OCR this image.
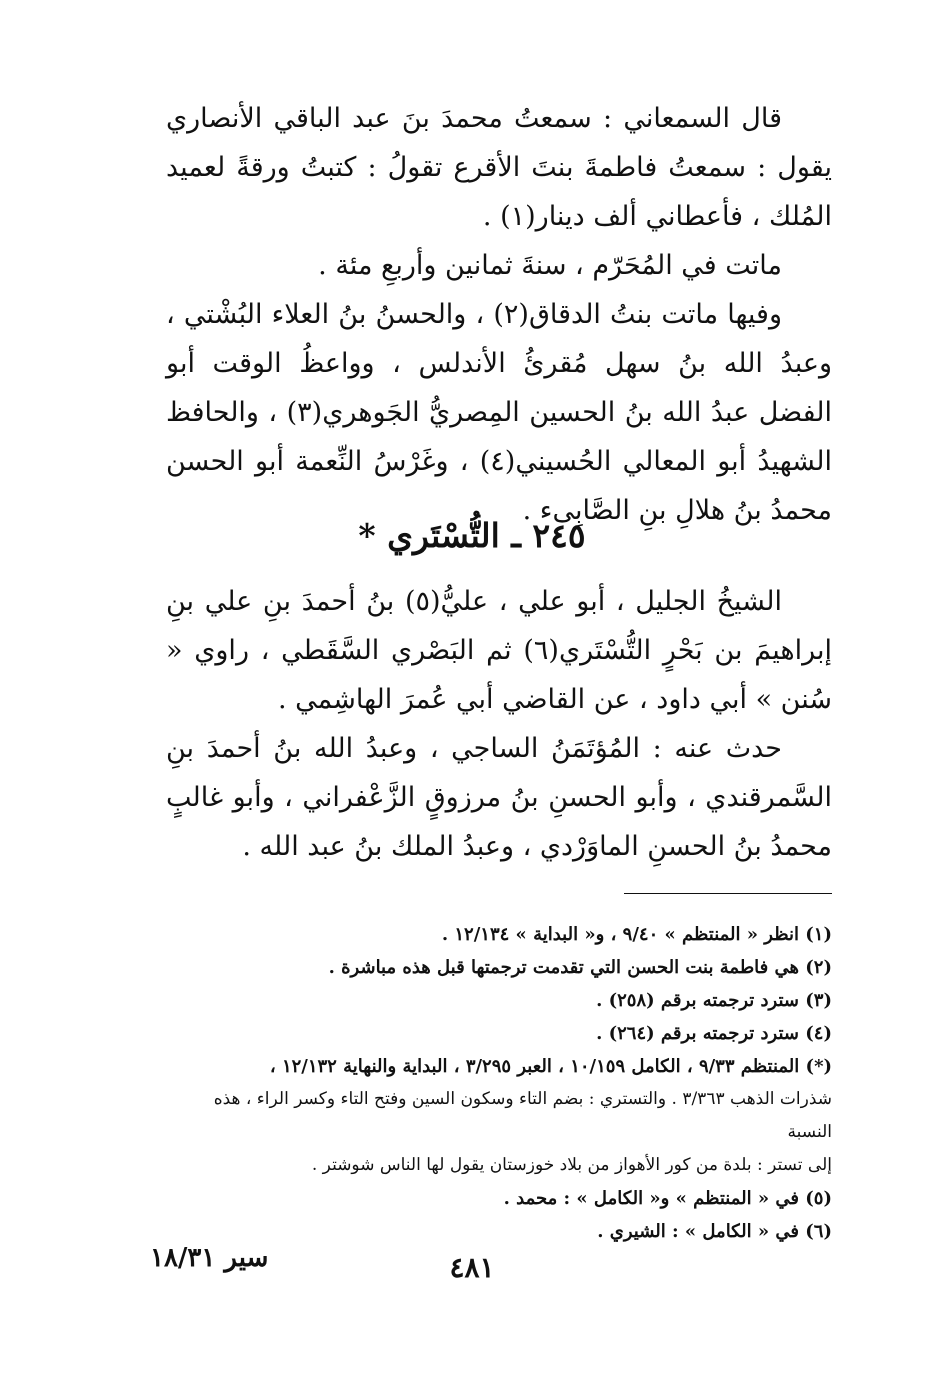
قال السمعاني : سمعتُ محمدَ بنَ عبد الباقي الأنصاري يقول : سمعتُ فاطمةَ بنتَ الأقرع تقولُ : كتبتُ ورقةً لعميد المُلك ، فأعطاني ألف دينار(١) .

ماتت في المُحَرّم ، سنةَ ثمانين وأربعِ مئة .

وفيها ماتت بنتُ الدقاق(٢) ، والحسنُ بنُ العلاء البُشْتي ، وعبدُ الله بنُ سهل مُقرئُ الأندلس ، وواعظُ الوقت أبو الفضل عبدُ الله بنُ الحسين المِصريُّ الجَوهري(٣) ، والحافظ الشهيدُ أبو المعالي الحُسيني(٤) ، وغَرْسُ النِّعمة أبو الحسن محمدُ بنُ هلالِ بنِ الصَّابِىء .

٢٤٥ ـ التُّسْتَري *

الشيخُ الجليل ، أبو علي ، عليُّ(٥) بنُ أحمدَ بنِ علي بنِ إبراهيمَ بن بَحْرٍ التُّسْتَري(٦) ثم البَصْري السَّقَطي ، راوي « سُنن » أبي داود ، عن القاضي أبي عُمرَ الهاشِمي .

حدث عنه : المُؤتَمَنُ الساجي ، وعبدُ الله بنُ أحمدَ بنِ السَّمرقندي ، وأبو الحسنِ بنُ مرزوقٍ الزَّعْفراني ، وأبو غالبٍ محمدُ بنُ الحسنِ الماوَرْدي ، وعبدُ الملك بنُ عبد الله .

(١) انظر « المنتظم » ٩/٤٠ ، و« البداية » ١٢/١٣٤ .

(٢) هي فاطمة بنت الحسن التي تقدمت ترجمتها قبل هذه مباشرة .

(٣) سترد ترجمته برقم (٢٥٨) .

(٤) سترد ترجمته برقم (٢٦٤) .

(*) المنتظم ٩/٣٣ ، الكامل ١٠/١٥٩ ، العبر ٣/٢٩٥ ، البداية والنهاية ١٢/١٣٢ ،

شذرات الذهب ٣/٣٦٣ . والتستري : بضم التاء وسكون السين وفتح التاء وكسر الراء ، هذه النسبة

إلى تستر : بلدة من كور الأهواز من بلاد خوزستان يقول لها الناس شوشتر .

(٥) في « المنتظم » و« الكامل » : محمد .

(٦) في « الكامل » : الشيري .

٤٨١
سير ١٨/٣١
